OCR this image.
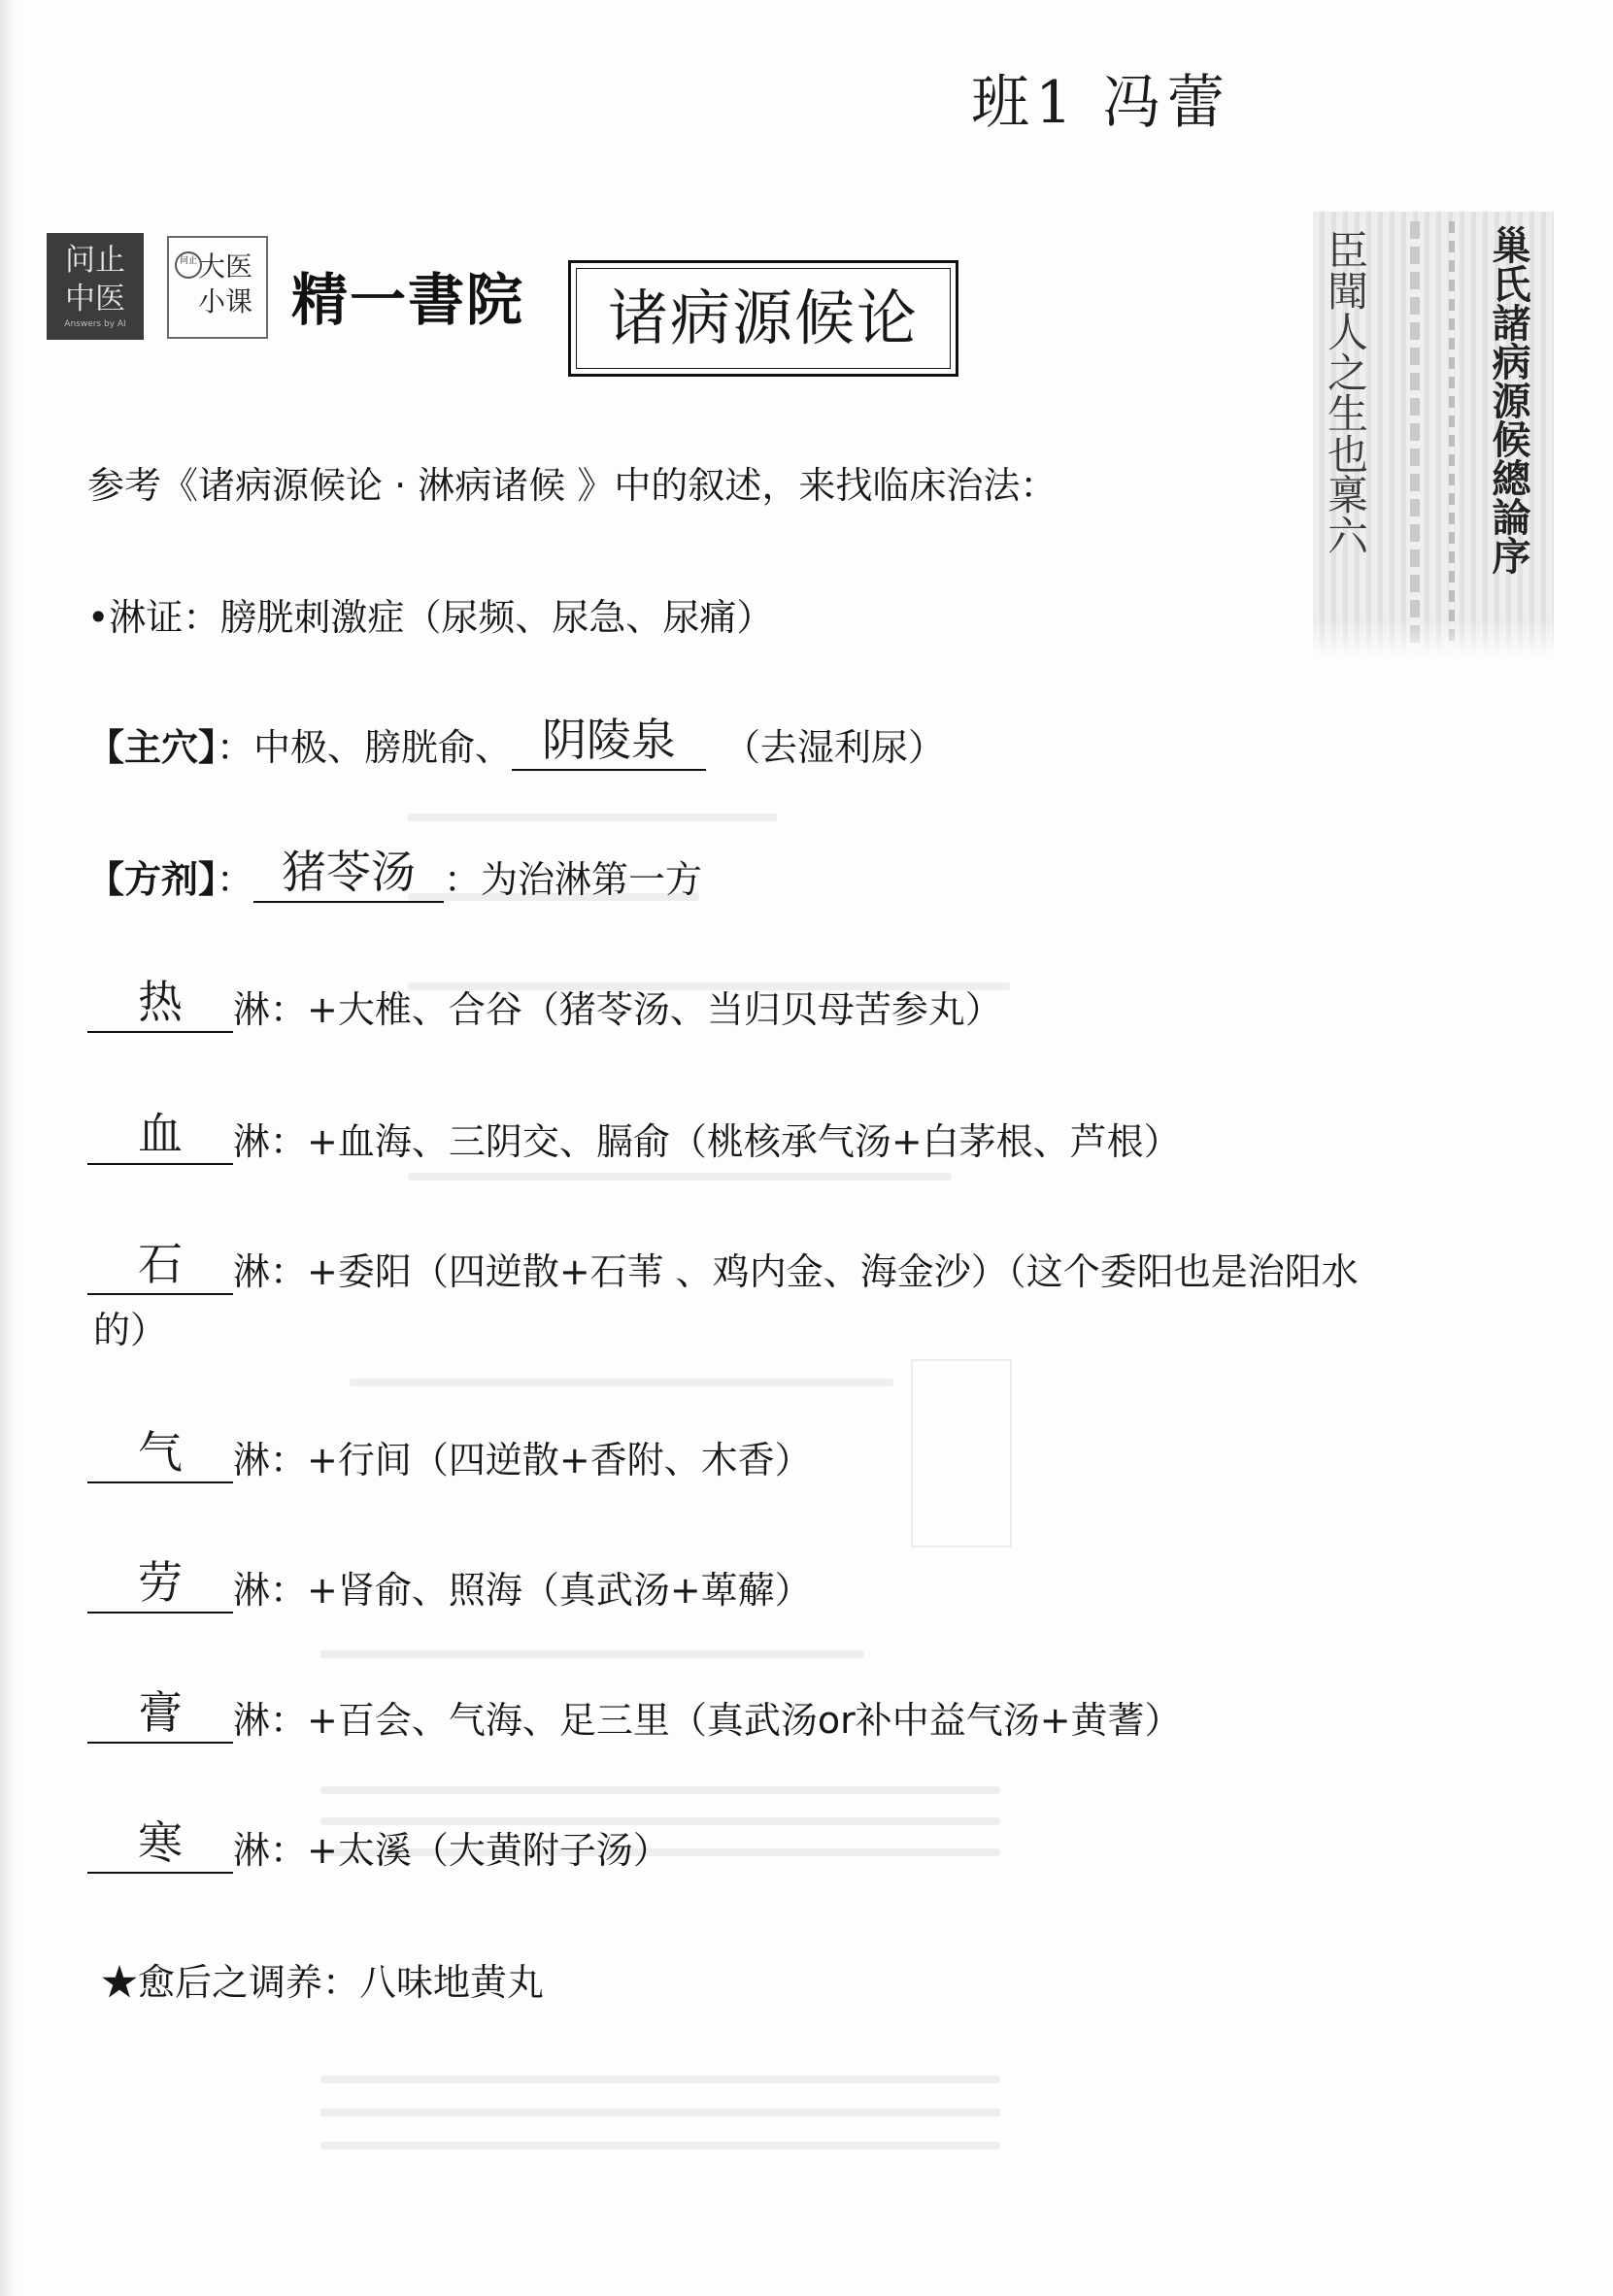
班1 冯蕾
问止
中医
Answers by AI
问止 大医
小课 精一書院	诸病源候论	臣聞人之生也稟六	巢氏諸病源候總論序
参考《诸病源候论 · 淋病诸候 》中的叙述，来找临床治法：
•淋证：膀胱刺激症（尿频、尿急、尿痛）
【主穴】：中极、膀胱俞、 阴陵泉	（去湿利尿）
【方剂】： 猪苓汤 ：为治淋第一方
热	淋：+大椎、合谷（猪苓汤、当归贝母苦参丸）
血	淋：+血海、三阴交、膈俞（桃核承气汤+白茅根、芦根）
石	淋：+委阳（四逆散+石苇 、鸡内金、海金沙）（这个委阳也是治阳水
的）
气	淋：+行间（四逆散+香附、木香）
劳	淋：+肾俞、照海（真武汤+萆薢）
膏	淋：+百会、气海、足三里（真武汤or补中益气汤+黄蓍）
寒	淋：+太溪（大黄附子汤）
★愈后之调养：八味地黄丸
